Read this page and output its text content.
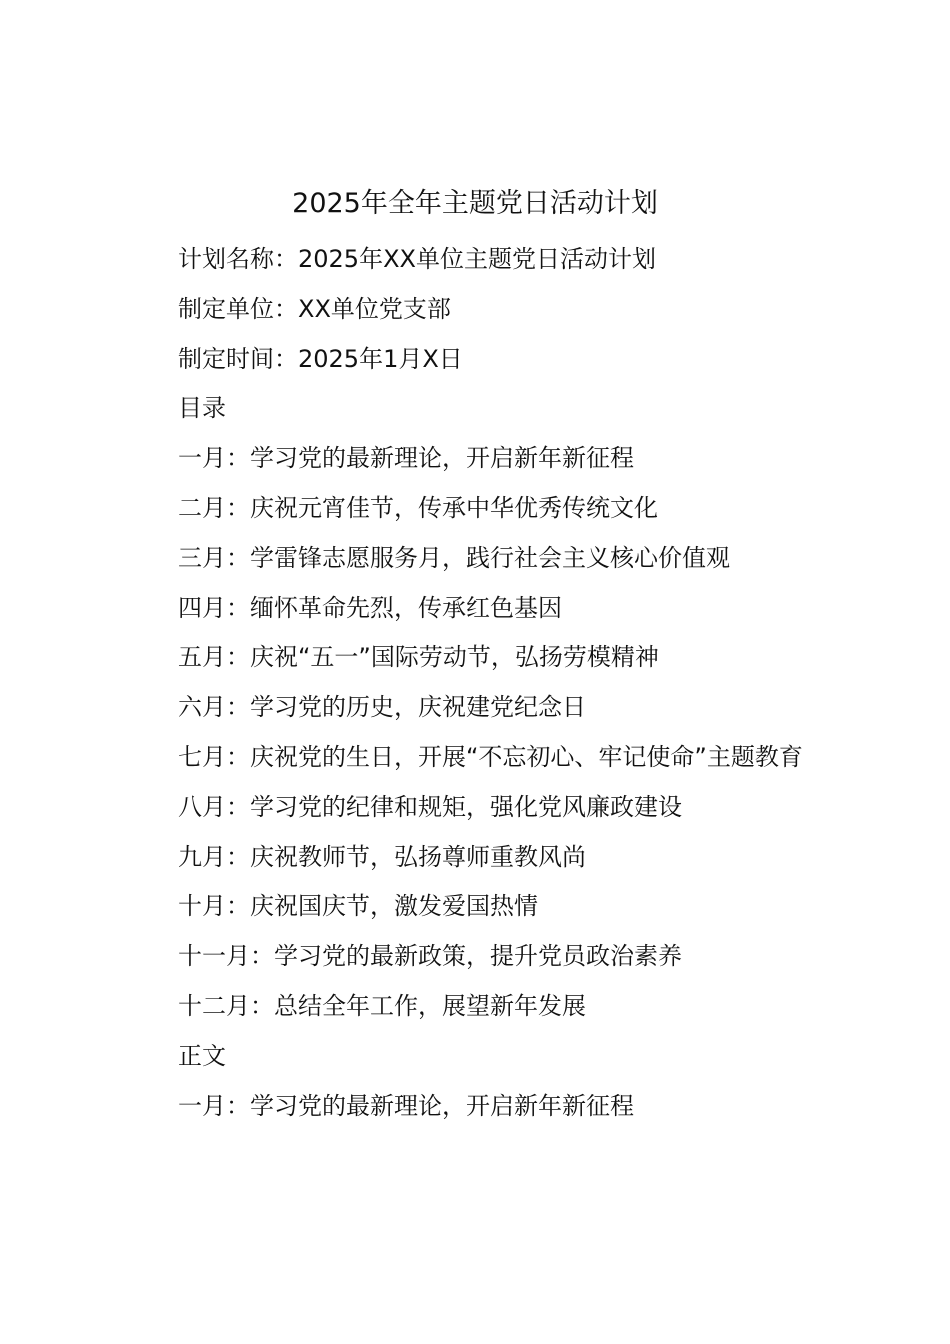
2025年全年主题党日活动计划

计划名称：2025年XX单位主题党日活动计划

制定单位：XX单位党支部

制定时间：2025年1月X日

目录

一月：学习党的最新理论，开启新年新征程

二月：庆祝元宵佳节，传承中华优秀传统文化

三月：学雷锋志愿服务月，践行社会主义核心价值观

四月：缅怀革命先烈，传承红色基因

五月：庆祝“五一”国际劳动节，弘扬劳模精神

六月：学习党的历史，庆祝建党纪念日

七月：庆祝党的生日，开展“不忘初心、牢记使命”主题教育

八月：学习党的纪律和规矩，强化党风廉政建设

九月：庆祝教师节，弘扬尊师重教风尚

十月：庆祝国庆节，激发爱国热情

十一月：学习党的最新政策，提升党员政治素养

十二月：总结全年工作，展望新年发展

正文

一月：学习党的最新理论，开启新年新征程
